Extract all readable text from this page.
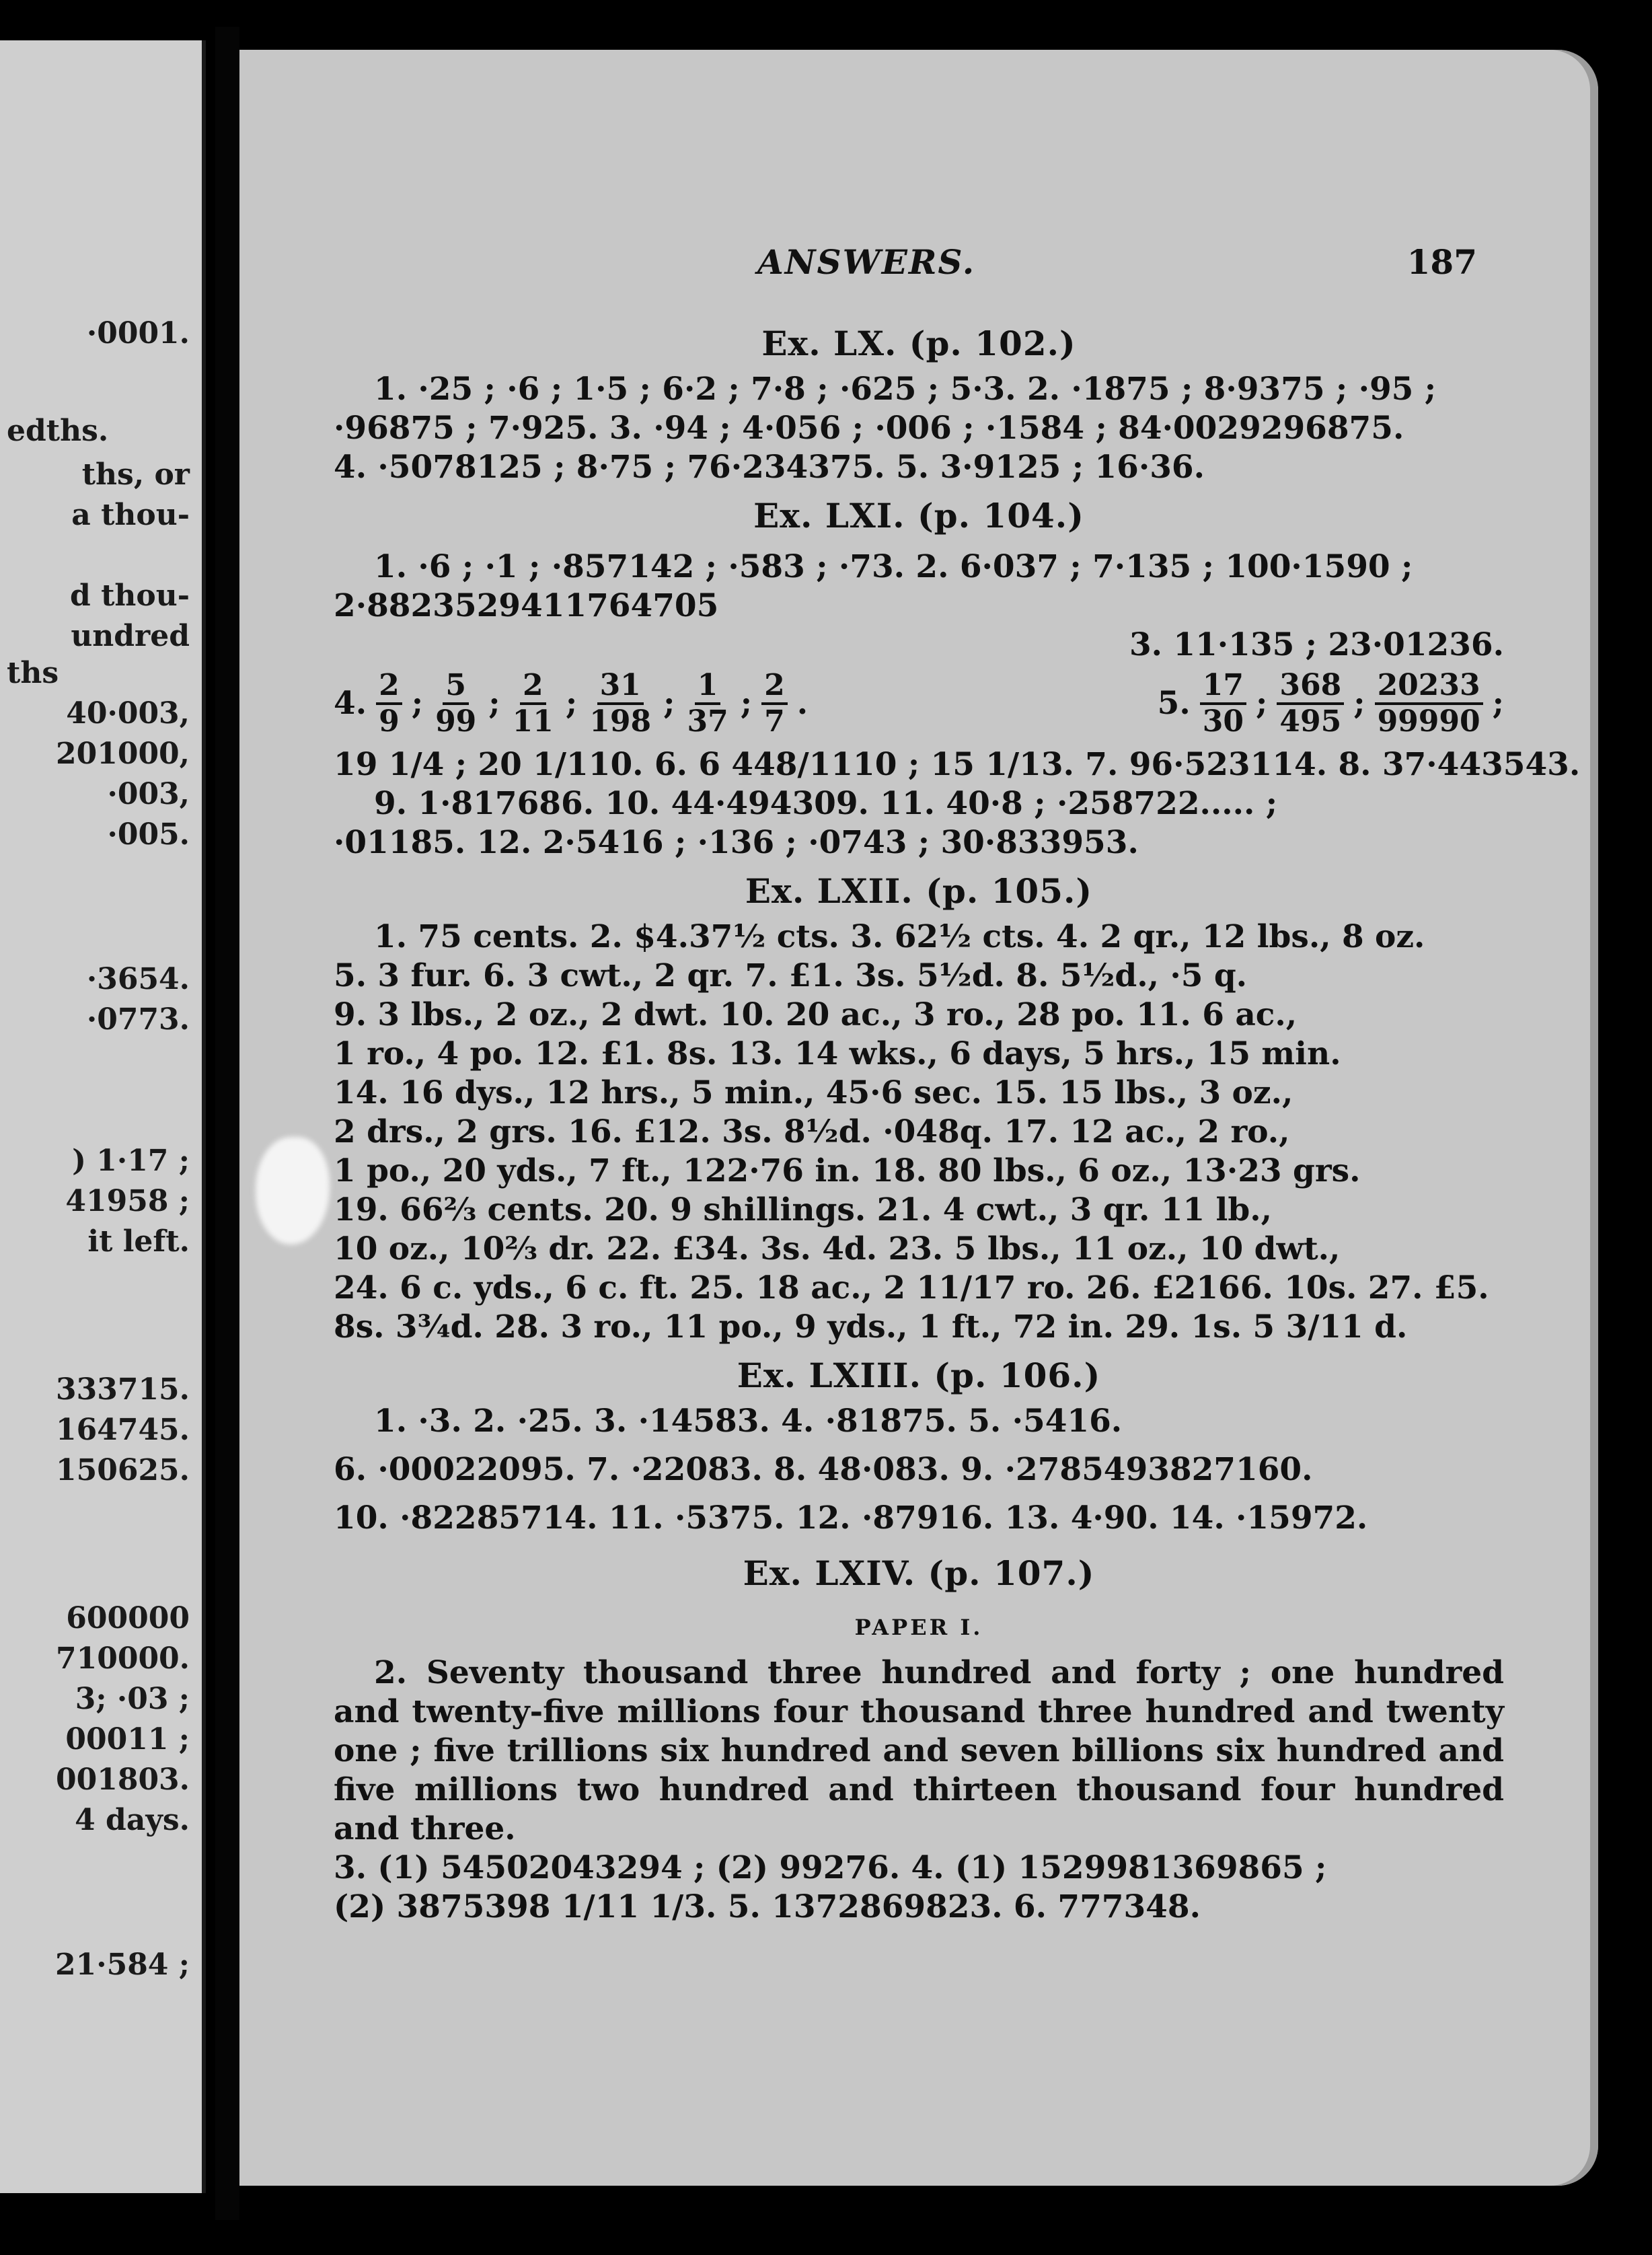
·0001.
edths.
ths, or
a thou-
d thou-
undred
ths
40·003,
201000,
·003,
·005.
·3654.
·0773.
) 1·17 ;
41958 ;
it left.
333715.
164745.
150625.
600000
710000.
3; ·03 ;
00011 ;
001803.
4 days.
21·584 ;
ANSWERS.	187
Ex. LX. (p. 102.)
1. ·25 ; ·6 ; 1·5 ; 6·2 ; 7·8 ; ·625 ; 5·3. 2. ·1875 ; 8·9375 ; ·95 ;
·96875 ; 7·925. 3. ·94 ; 4·056 ; ·006 ; ·1584 ; 84·0029296875.
4. ·5078125 ; 8·75 ; 76·234375. 5. 3·9125 ; 16·36.
Ex. LXI. (p. 104.)
1. ·6 ; ·1 ; ·857142 ; ·583 ; ·73. 2. 6·037 ; 7·135 ; 100·1590 ;
2·8823529411764705
3. 11·135 ; 23·01236.
4. $\frac{2}{9}$ ; $\frac{5}{99}$ ; $\frac{2}{11}$ ; $\frac{31}{198}$ ; $\frac{1}{37}$ ; $\frac{2}{7}$ .	5. $\frac{17}{30}$ ; $\frac{368}{495}$ ; $\frac{20233}{99990}$ ;
19 1/4 ; 20 1/110. 6. 6 448/1110 ; 15 1/13. 7. 96·523114. 8. 37·443543.
9. 1·817686. 10. 44·494309. 11. 40·8 ; ·258722..... ;
·01185. 12. 2·5416 ; ·136 ; ·0743 ; 30·833953.
Ex. LXII. (p. 105.)
1. 75 cents. 2. $4.37½ cts. 3. 62½ cts. 4. 2 qr., 12 lbs., 8 oz.
5. 3 fur. 6. 3 cwt., 2 qr. 7. £1. 3s. 5½d. 8. 5½d., ·5 q.
9. 3 lbs., 2 oz., 2 dwt. 10. 20 ac., 3 ro., 28 po. 11. 6 ac.,
1 ro., 4 po. 12. £1. 8s. 13. 14 wks., 6 days, 5 hrs., 15 min.
14. 16 dys., 12 hrs., 5 min., 45·6 sec. 15. 15 lbs., 3 oz.,
2 drs., 2 grs. 16. £12. 3s. 8½d. ·048q. 17. 12 ac., 2 ro.,
1 po., 20 yds., 7 ft., 122·76 in. 18. 80 lbs., 6 oz., 13·23 grs.
19. 66⅔ cents. 20. 9 shillings. 21. 4 cwt., 3 qr. 11 lb.,
10 oz., 10⅔ dr. 22. £34. 3s. 4d. 23. 5 lbs., 11 oz., 10 dwt.,
24. 6 c. yds., 6 c. ft. 25. 18 ac., 2 11/17 ro. 26. £2166. 10s. 27. £5.
8s. 3¾d. 28. 3 ro., 11 po., 9 yds., 1 ft., 72 in. 29. 1s. 5 3/11 d.
Ex. LXIII. (p. 106.)
1. ·3. 2. ·25. 3. ·14583. 4. ·81875. 5. ·5416.
6. ·00022095. 7. ·22083. 8. 48·083. 9. ·2785493827160.
10. ·82285714. 11. ·5375. 12. ·87916. 13. 4·90. 14. ·15972.
Ex. LXIV. (p. 107.)
PAPER I.
2. Seventy thousand three hundred and forty ; one hundred and twenty-five millions four thousand three hundred and twenty one ; five trillions six hundred and seven billions six hundred and five millions two hundred and thirteen thousand four hundred and three.
3. (1) 54502043294 ; (2) 99276. 4. (1) 1529981369865 ;
(2) 3875398 1/11 1/3. 5. 1372869823. 6. 777348.
